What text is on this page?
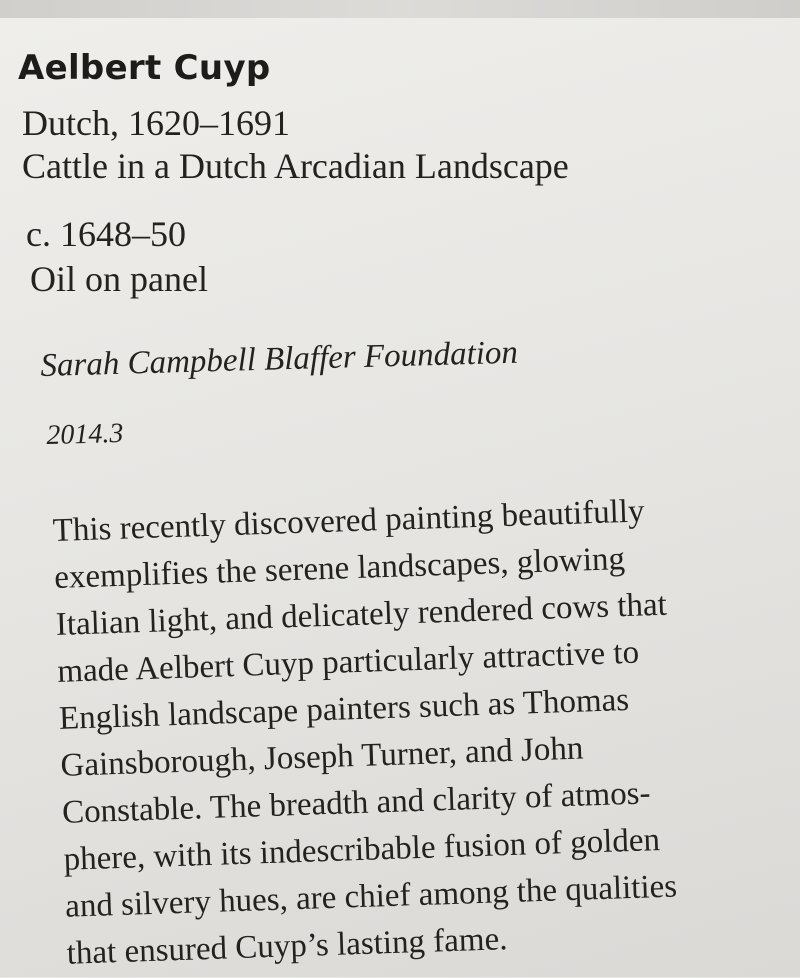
Aelbert Cuyp

Dutch, 1620–1691

Cattle in a Dutch Arcadian Landscape

c. 1648–50

Oil on panel

Sarah Campbell Blaffer Foundation

2014.3

This recently discovered painting beautifully
exemplifies the serene landscapes, glowing
Italian light, and delicately rendered cows that
made Aelbert Cuyp particularly attractive to
English landscape painters such as Thomas
Gainsborough, Joseph Turner, and John
Constable. The breadth and clarity of atmos-
phere, with its indescribable fusion of golden
and silvery hues, are chief among the qualities
that ensured Cuyp’s lasting fame.
